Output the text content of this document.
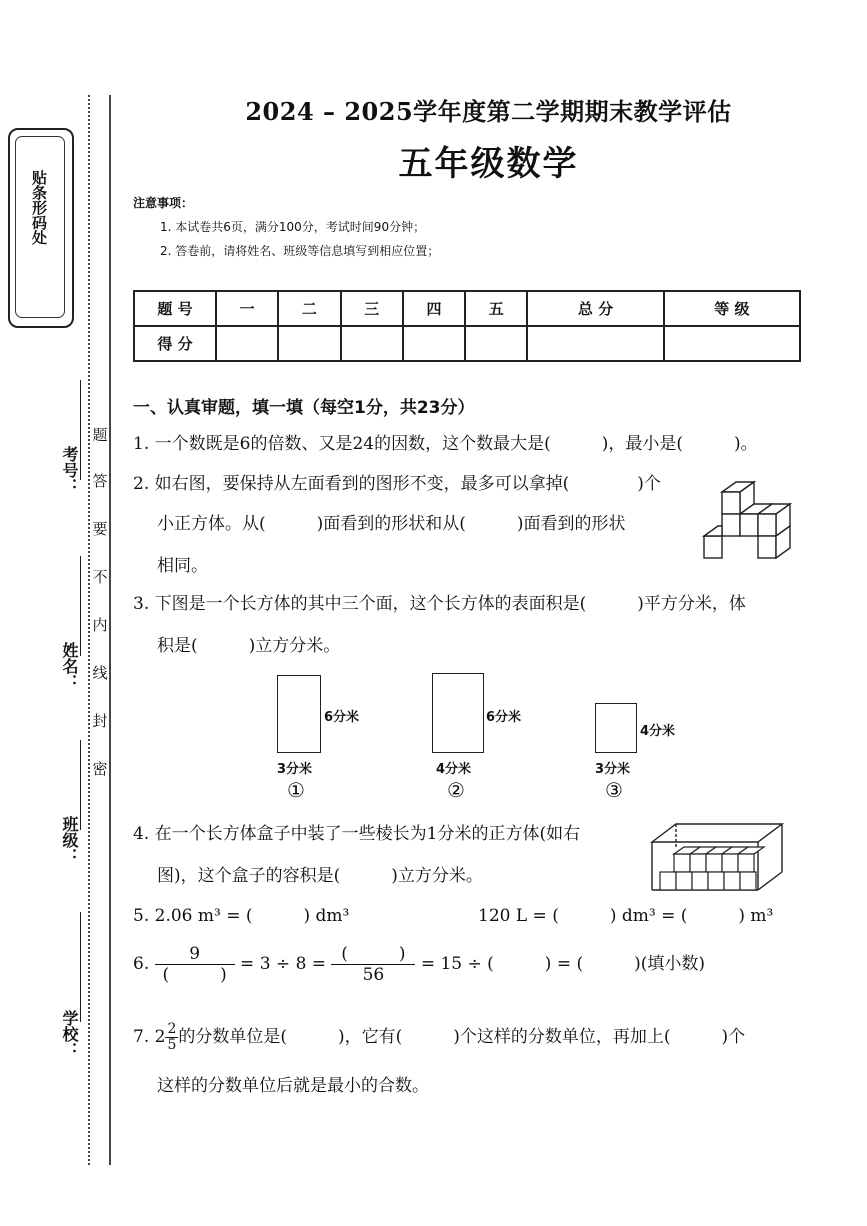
贴条形码处
考号：
姓名：
班级：
学校：
题
答
要
不
内
线
封
密
2024 – 2025学年度第二学期期末教学评估
五年级数学
注意事项：
1. 本试卷共6页，满分100分，考试时间90分钟；
2. 答卷前，请将姓名、班级等信息填写到相应位置；
题 号	一	二	三	四	五	总 分	等 级
得 分							
一、认真审题，填一填（每空1分，共23分）
1. 一个数既是6的倍数、又是24的因数，这个数最大是(　　　)，最小是(　　　)。
2. 如右图，要保持从左面看到的图形不变，最多可以拿掉(　　　　)个
小正方体。从(　　　)面看到的形状和从(　　　)面看到的形状
相同。
3. 下图是一个长方体的其中三个面，这个长方体的表面积是(　　　)平方分米，体
积是(　　　)立方分米。
6分米
3分米
①
6分米
4分米
②
4分米
3分米
③
4. 在一个长方体盒子中装了一些棱长为1分米的正方体(如右
图)，这个盒子的容积是(　　　)立方分米。
5. 2.06 m³ = (　　　) dm³	120 L = (　　　) dm³ = (　　　) m³
6. $\frac{9}{( )} = 3 \div 8 = \frac{( )}{56} = 15$ ÷ (　　　) = (　　　)(填小数)
7. $2 \frac{2}{5}$ 的分数单位是(　　　)，它有(　　　)个这样的分数单位，再加上(　　　)个
这样的分数单位后就是最小的合数。
